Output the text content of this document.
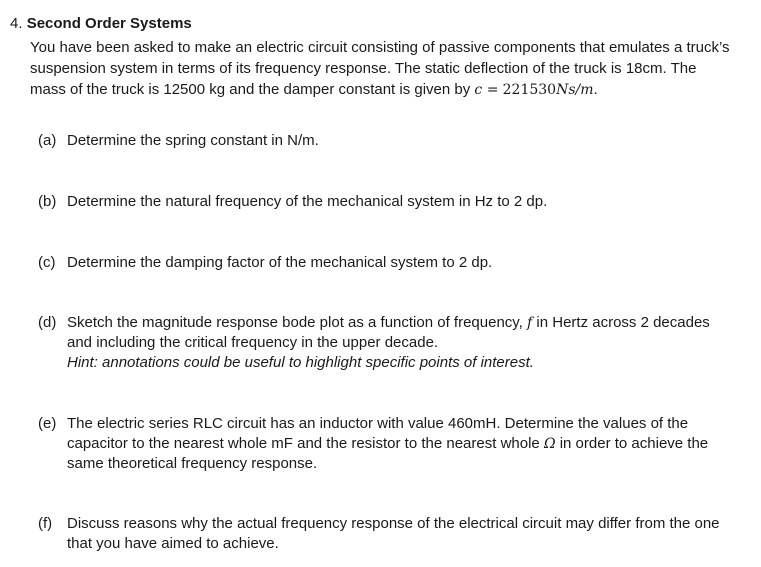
4. Second Order Systems
You have been asked to make an electric circuit consisting of passive components that emulates a truck’s suspension system in terms of its frequency response. The static deflection of the truck is 18cm. The mass of the truck is 12500 kg and the damper constant is given by c = 221530Ns/m.
(a) Determine the spring constant in N/m.
(b) Determine the natural frequency of the mechanical system in Hz to 2 dp.
(c) Determine the damping factor of the mechanical system to 2 dp.
(d) Sketch the magnitude response bode plot as a function of frequency, f in Hertz across 2 decades and including the critical frequency in the upper decade.
Hint: annotations could be useful to highlight specific points of interest.
(e) The electric series RLC circuit has an inductor with value 460mH. Determine the values of the capacitor to the nearest whole mF and the resistor to the nearest whole Ω in order to achieve the same theoretical frequency response.
(f) Discuss reasons why the actual frequency response of the electrical circuit may differ from the one that you have aimed to achieve.
